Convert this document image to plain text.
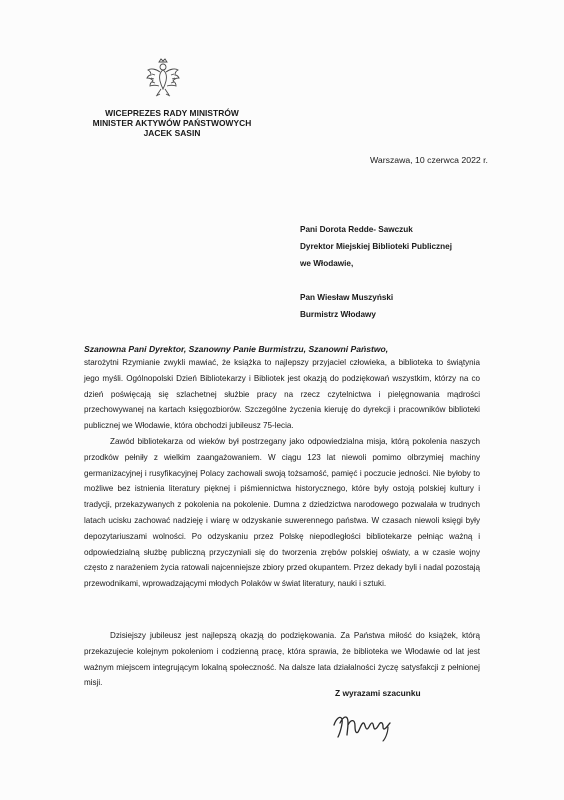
WICEPREZES RADY MINISTRÓW
MINISTER AKTYWÓW PAŃSTWOWYCH
JACEK SASIN
Warszawa, 10 czerwca 2022 r.
Pani Dorota Redde- Sawczuk
Dyrektor Miejskiej Biblioteki Publicznej
we Włodawie,
Pan Wiesław Muszyński
Burmistrz Włodawy
Szanowna Pani Dyrektor, Szanowny Panie Burmistrzu, Szanowni Państwo,
starożytni Rzymianie zwykli mawiać, że książka to najlepszy przyjaciel człowieka, a biblioteka to świątynia jego myśli. Ogólnopolski Dzień Bibliotekarzy i Bibliotek jest okazją do podziękowań wszystkim, którzy na co dzień poświęcają się szlachetnej służbie pracy na rzecz czytelnictwa i pielęgnowania mądrości przechowywanej na kartach księgozbiorów. Szczególne życzenia kieruję do dyrekcji i pracowników biblioteki publicznej we Włodawie, która obchodzi jubileusz 75-lecia.
Zawód bibliotekarza od wieków był postrzegany jako odpowiedzialna misja, którą pokolenia naszych przodków pełniły z wielkim zaangażowaniem. W ciągu 123 lat niewoli pomimo olbrzymiej machiny germanizacyjnej i rusyfikacyjnej Polacy zachowali swoją tożsamość, pamięć i poczucie jedności. Nie byłoby to możliwe bez istnienia literatury pięknej i piśmiennictwa historycznego, które były ostoją polskiej kultury i tradycji, przekazywanych z pokolenia na pokolenie. Dumna z dziedzictwa narodowego pozwalała w trudnych latach ucisku zachować nadzieję i wiarę w odzyskanie suwerennego państwa. W czasach niewoli księgi były depozytariuszami wolności. Po odzyskaniu przez Polskę niepodległości bibliotekarze pełniąc ważną i odpowiedzialną służbę publiczną przyczyniali się do tworzenia zrębów polskiej oświaty, a w czasie wojny często z narażeniem życia ratowali najcenniejsze zbiory przed okupantem. Przez dekady byli i nadal pozostają przewodnikami, wprowadzającymi młodych Polaków w świat literatury, nauki i sztuki.
Dzisiejszy jubileusz jest najlepszą okazją do podziękowania. Za Państwa miłość do książek, którą przekazujecie kolejnym pokoleniom i codzienną pracę, która sprawia, że biblioteka we Włodawie od lat jest ważnym miejscem integrującym lokalną społeczność. Na dalsze lata działalności życzę satysfakcji z pełnionej misji.
Z wyrazami szacunku
